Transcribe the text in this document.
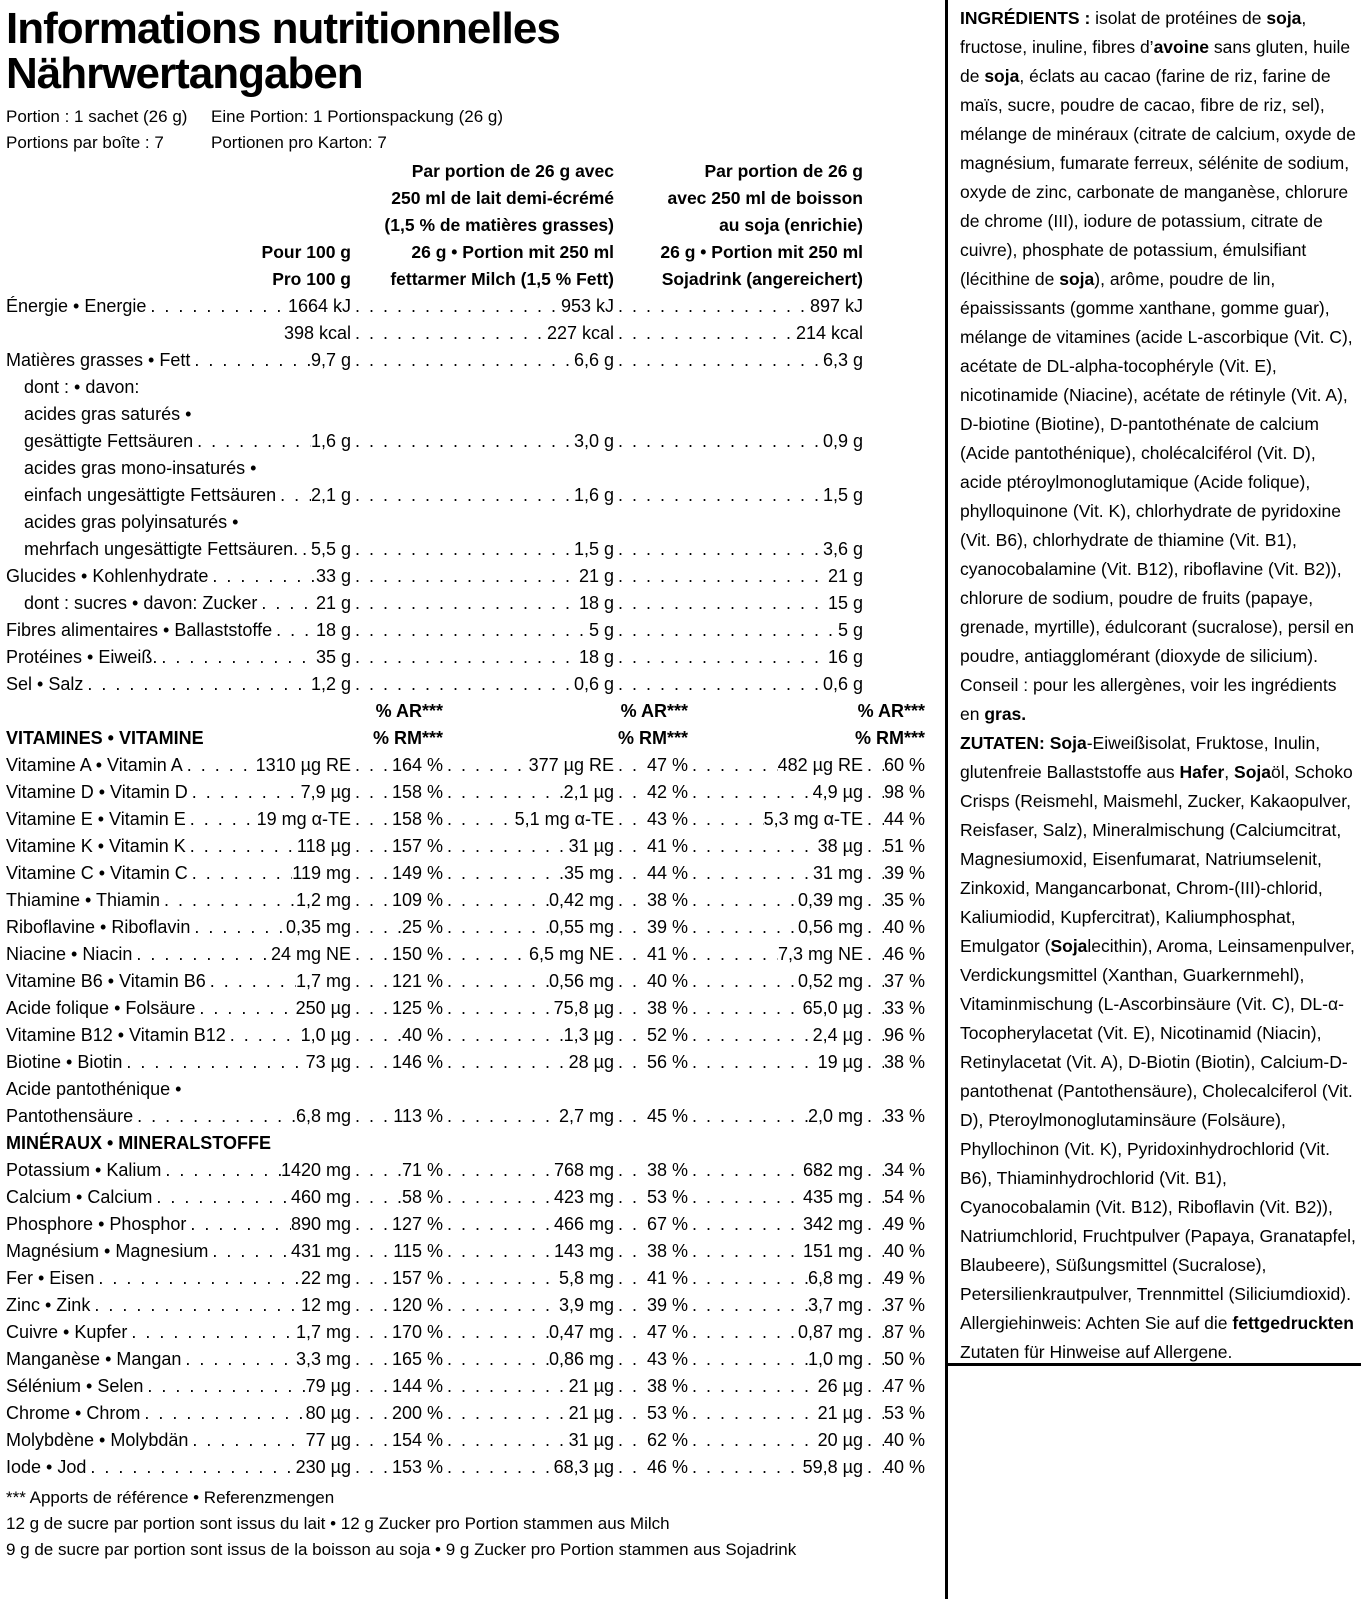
Informations nutritionnelles
Nährwertangaben
Portion : 1 sachet (26 g)
Portions par boîte : 7
Eine Portion: 1 Portionspackung (26 g)
Portionen pro Karton: 7
Pour 100 g
Pro 100 g
Par portion de 26 g avec
250 ml de lait demi-écrémé
(1,5 % de matières grasses)
26 g • Portion mit 250 ml
fettarmer Milch (1,5 % Fett)
Par portion de 26 g
avec 250 ml de boisson
au soja (enrichie)
26 g • Portion mit 250 ml
Sojadrink (angereichert)
Énergie • Energie . . .	1664 kJ . . .	953 kJ . . .	897 kJ
398 kcal . . .	227 kcal . . .	214 kcal
Matières grasses • Fett . . .	9,7 g . . .	6,6 g . . .	6,3 g
dont : • davon:
acides gras saturés •
gesättigte Fettsäuren . . .	1,6 g . . .	3,0 g . . .	0,9 g
acides gras mono-insaturés •
einfach ungesättigte Fettsäuren . . . 2,1 g . . .	1,6 g . . .	1,5 g
acides gras polyinsaturés •
mehrfach ungesättigte Fettsäuren. . . . 5,5 g . . .	1,5 g . . .	3,6 g
Glucides • Kohlenhydrate . . .	33 g . . .	21 g . . .	21 g
dont : sucres • davon: Zucker . . .	21 g . . .	18 g . . .	15 g
Fibres alimentaires • Ballaststoffe . . . 18 g . . .	5 g . . .	5 g
Protéines • Eiweiß. . . .	35 g . . .	18 g . . .	16 g
Sel • Salz . . .	1,2 g . . .	0,6 g . . .	0,6 g
% AR***	% AR***	% AR***
VITAMINES • VITAMINE	% RM***	% RM***	% RM***
Vitamine A • Vitamin A . . .	1310 µg RE . . . 164 % . . .	377 µg RE . . . 47 % . . .	482 µg RE . . . 60 %
Vitamine D • Vitamin D . . .	7,9 µg . . . 158 % . . .	2,1 µg . . . 42 % . . .	4,9 µg . . . 98 %
Vitamine E • Vitamin E . . .	19 mg α-TE . . . 158 % . . .	5,1 mg α-TE . . . 43 % . . .	5,3 mg α-TE . . . 44 %
Vitamine K • Vitamin K . . .	118 µg . . . 157 % . . .	31 µg . . . 41 % . . .	38 µg . . . 51 %
Vitamine C • Vitamin C . . .	119 mg . . . 149 % . . .	35 mg . . . 44 % . . .	31 mg . . . 39 %
Thiamine • Thiamin . . .	1,2 mg . . . 109 % . . .	0,42 mg . . . 38 % . . .	0,39 mg . . . 35 %
Riboflavine • Riboflavin . . .	0,35 mg . . .	25 % . . .	0,55 mg . . . 39 % . . .	0,56 mg . . . 40 %
Niacine • Niacin . . .	24 mg NE . . . 150 % . . .	6,5 mg NE . . . 41 % . . .	7,3 mg NE . . . 46 %
Vitamine B6 • Vitamin B6 . . .	1,7 mg . . . 121 % . . .	0,56 mg . . . 40 % . . .	0,52 mg . . . 37 %
Acide folique • Folsäure . . .	250 µg . . . 125 % . . .	75,8 µg . . . 38 % . . .	65,0 µg . . . 33 %
Vitamine B12 • Vitamin B12 . . .	1,0 µg . . .	40 % . . .	1,3 µg . . . 52 % . . .	2,4 µg . . . 96 %
Biotine • Biotin . . .	73 µg . . . 146 % . . .	28 µg . . . 56 % . . .	19 µg . . . 38 %
Acide pantothénique •
Pantothensäure . . .	6,8 mg . . . 113 % . . .	2,7 mg . . . 45 % . . .	2,0 mg . . . 33 %
MINÉRAUX • MINERALSTOFFE
Potassium • Kalium . . .	1420 mg . . .	71 % . . .	768 mg . . . 38 % . . .	682 mg . . . 34 %
Calcium • Calcium . . .	460 mg . . .	58 % . . .	423 mg . . . 53 % . . .	435 mg . . . 54 %
Phosphore • Phosphor . . .	890 mg . . . 127 % . . .	466 mg . . . 67 % . . .	342 mg . . . 49 %
Magnésium • Magnesium . . .	431 mg . . . 115 % . . .	143 mg . . . 38 % . . .	151 mg . . . 40 %
Fer • Eisen . . .	22 mg . . . 157 % . . .	5,8 mg . . . 41 % . . .	6,8 mg . . . 49 %
Zinc • Zink . . .	12 mg . . . 120 % . . .	3,9 mg . . . 39 % . . .	3,7 mg . . . 37 %
Cuivre • Kupfer . . .	1,7 mg . . . 170 % . . .	0,47 mg . . . 47 % . . .	0,87 mg . . . 87 %
Manganèse • Mangan . . .	3,3 mg . . . 165 % . . .	0,86 mg . . . 43 % . . .	1,0 mg . . . 50 %
Sélénium • Selen . . .	79 µg . . . 144 % . . .	21 µg . . . 38 % . . .	26 µg . . . 47 %
Chrome • Chrom . . .	80 µg . . . 200 % . . .	21 µg . . . 53 % . . .	21 µg . . . 53 %
Molybdène • Molybdän . . .	77 µg . . . 154 % . . .	31 µg . . . 62 % . . .	20 µg . . . 40 %
Iode • Jod . . .	230 µg . . . 153 % . . .	68,3 µg . . . 46 % . . .	59,8 µg . . . 40 %
*** Apports de référence • Referenzmengen
12 g de sucre par portion sont issus du lait • 12 g Zucker pro Portion stammen aus Milch
9 g de sucre par portion sont issus de la boisson au soja • 9 g Zucker pro Portion stammen aus Sojadrink

INGRÉDIENTS : isolat de protéines de soja, fructose, inuline, fibres d’avoine sans gluten, huile de soja, éclats au cacao (farine de riz, farine de maïs, sucre, poudre de cacao, fibre de riz, sel), mélange de minéraux (citrate de calcium, oxyde de magnésium, fumarate ferreux, sélénite de sodium, oxyde de zinc, carbonate de manganèse, chlorure de chrome (III), iodure de potassium, citrate de cuivre), phosphate de potassium, émulsifiant (lécithine de soja), arôme, poudre de lin, épaississants (gomme xanthane, gomme guar), mélange de vitamines (acide L-ascorbique (Vit. C), acétate de DL-alpha-tocophéryle (Vit. E), nicotinamide (Niacine), acétate de rétinyle (Vit. A), D-biotine (Biotine), D-pantothénate de calcium (Acide pantothénique), cholécalciférol (Vit. D), acide ptéroylmonoglutamique (Acide folique), phylloquinone (Vit. K), chlorhydrate de pyridoxine (Vit. B6), chlorhydrate de thiamine (Vit. B1), cyanocobalamine (Vit. B12), riboflavine (Vit. B2)), chlorure de sodium, poudre de fruits (papaye, grenade, myrtille), édulcorant (sucralose), persil en poudre, antiagglomérant (dioxyde de silicium). Conseil : pour les allergènes, voir les ingrédients en gras.

ZUTATEN: Soja-Eiweißisolat, Fruktose, Inulin, glutenfreie Ballaststoffe aus Hafer, Sojaöl, Schoko Crisps (Reismehl, Maismehl, Zucker, Kakaopulver, Reisfaser, Salz), Mineralmischung (Calciumcitrat, Magnesiumoxid, Eisenfumarat, Natriumselenit, Zinkoxid, Mangancarbonat, Chrom-(III)-chlorid, Kaliumiodid, Kupfercitrat), Kaliumphosphat, Emulgator (Sojalecithin), Aroma, Leinsamenpulver, Verdickungsmittel (Xanthan, Guarkernmehl), Vitaminmischung (L-Ascorbinsäure (Vit. C), DL-α-Tocopherylacetat (Vit. E), Nicotinamid (Niacin), Retinylacetat (Vit. A), D-Biotin (Biotin), Calcium-D-pantothenat (Pantothensäure), Cholecalciferol (Vit. D), Pteroylmonoglutaminsäure (Folsäure), Phyllochinon (Vit. K), Pyridoxinhydrochlorid (Vit. B6), Thiaminhydrochlorid (Vit. B1), Cyanocobalamin (Vit. B12), Riboflavin (Vit. B2)), Natriumchlorid, Fruchtpulver (Papaya, Granatapfel, Blaubeere), Süßungsmittel (Sucralose), Petersilienkrautpulver, Trennmittel (Siliciumdioxid). Allergiehinweis: Achten Sie auf die fettgedruckten Zutaten für Hinweise auf Allergene.
